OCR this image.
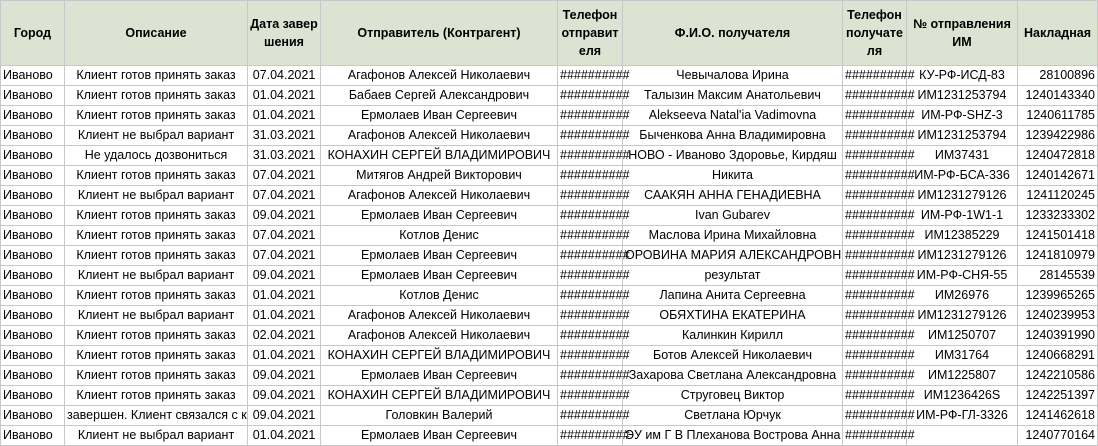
Город	Описание	Дата завершения	Отправитель (Контрагент)	Телефон отправителя	Ф.И.О. получателя	Телефон получателя	№ отправления ИМ	Накладная
Иваново	Клиент готов принять заказ	07.04.2021	Агафонов Алексей Николаевич	##########	Чевычалова Ирина	##########	КУ-РФ-ИСД-83	28100896
Иваново	Клиент готов принять заказ	01.04.2021	Бабаев Сергей Александрович	##########	Талызин Максим Анатольевич	##########	ИМ1231253794	1240143340
Иваново	Клиент готов принять заказ	01.04.2021	Ермолаев Иван Сергеевич	##########	Alekseeva Natal'ia Vadimovna	##########	ИМ-РФ-SHZ-3	1240611785
Иваново	Клиент не выбрал вариант	31.03.2021	Агафонов Алексей Николаевич	##########	Быченкова Анна Владимировна	##########	ИМ1231253794	1239422986
Иваново	Не удалось дозвониться	31.03.2021	КОНАХИН СЕРГЕЙ ВЛАДИМИРОВИЧ	##########	НОВО - Иваново Здоровье, Кирдяш	##########	ИМ37431	1240472818
Иваново	Клиент готов принять заказ	07.04.2021	Митягов Андрей Викторович	##########	Никита	##########	ИМ-РФ-БСА-336	1240142671
Иваново	Клиент не выбрал вариант	07.04.2021	Агафонов Алексей Николаевич	##########	СААКЯН АННА ГЕНАДИЕВНА	##########	ИМ1231279126	1241120245
Иваново	Клиент готов принять заказ	09.04.2021	Ермолаев Иван Сергеевич	##########	Ivan Gubarev	##########	ИМ-РФ-1W1-1	1233233302
Иваново	Клиент готов принять заказ	07.04.2021	Котлов Денис	##########	Маслова Ирина Михайловна	##########	ИМ12385229	1241501418
Иваново	Клиент готов принять заказ	07.04.2021	Ермолаев Иван Сергеевич	##########	ОРОВИНА МАРИЯ АЛЕКСАНДРОВН	##########	ИМ1231279126	1241810979
Иваново	Клиент не выбрал вариант	09.04.2021	Ермолаев Иван Сергеевич	##########	результат	##########	ИМ-РФ-СНЯ-55	28145539
Иваново	Клиент готов принять заказ	01.04.2021	Котлов Денис	##########	Лапина Анита Сергеевна	##########	ИМ26976	1239965265
Иваново	Клиент не выбрал вариант	01.04.2021	Агафонов Алексей Николаевич	##########	ОБЯХТИНА ЕКАТЕРИНА	##########	ИМ1231279126	1240239953
Иваново	Клиент готов принять заказ	02.04.2021	Агафонов Алексей Николаевич	##########	Калинкин Кирилл	##########	ИМ1250707	1240391990
Иваново	Клиент готов принять заказ	01.04.2021	КОНАХИН СЕРГЕЙ ВЛАДИМИРОВИЧ	##########	Ботов Алексей Николаевич	##########	ИМ31764	1240668291
Иваново	Клиент готов принять заказ	09.04.2021	Ермолаев Иван Сергеевич	##########	Захарова Светлана Александровна	##########	ИМ1225807	1242210586
Иваново	Клиент готов принять заказ	09.04.2021	КОНАХИН СЕРГЕЙ ВЛАДИМИРОВИЧ	##########	Струговец Виктор	##########	ИМ1236426S	1242251397
Иваново	завершен. Клиент связался с к	09.04.2021	Головкин Валерий	##########	Светлана Юрчук	##########	ИМ-РФ-ГЛ-3326	1241462618
Иваново	Клиент не выбрал вариант	01.04.2021	Ермолаев Иван Сергеевич	##########	ЭУ им Г В Плеханова Вострова Анна	##########		1240770164
